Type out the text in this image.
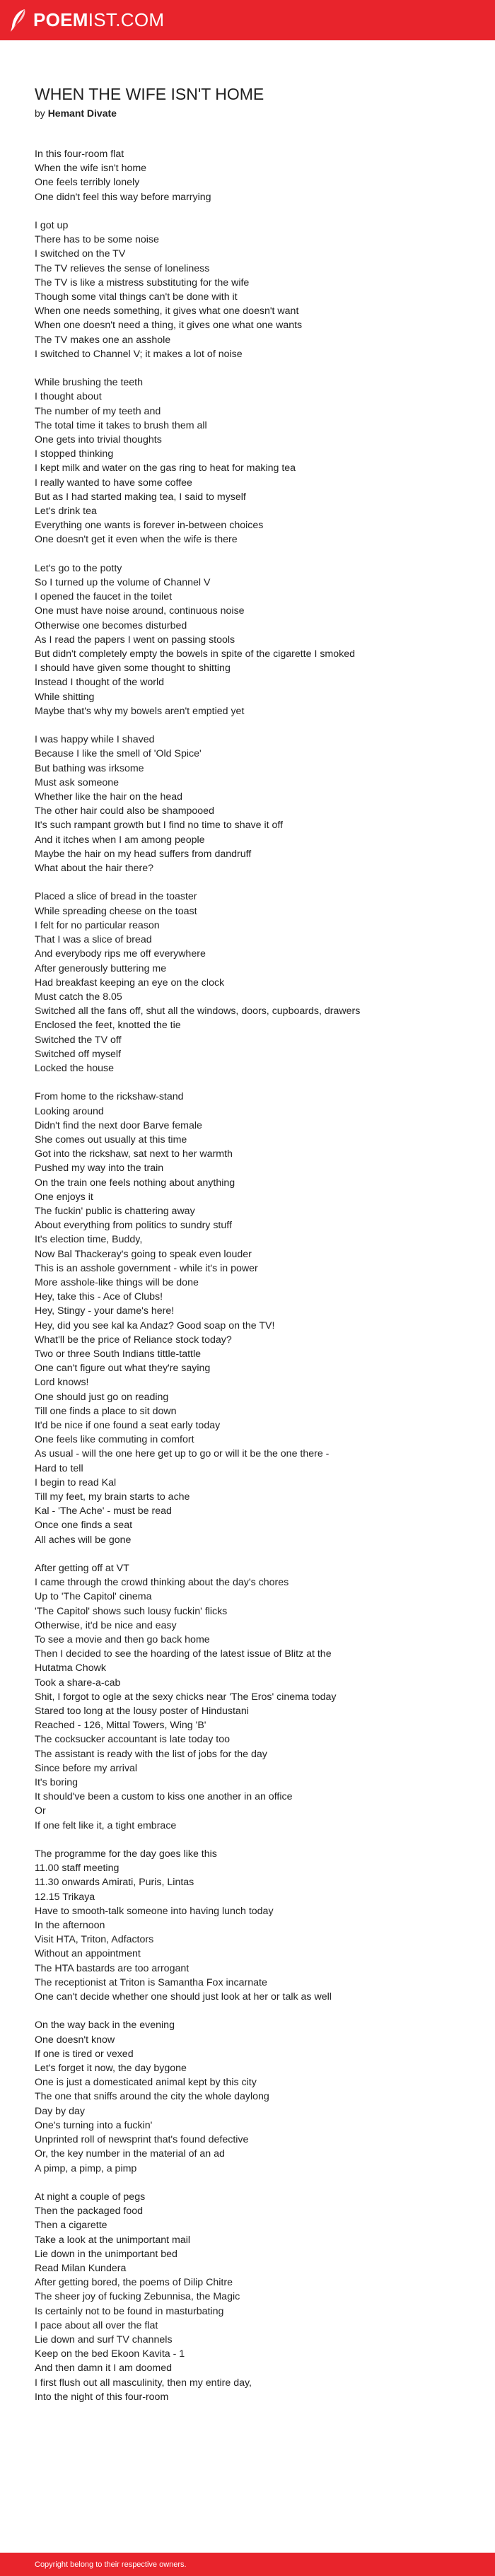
POEM IST.COM
WHEN THE WIFE ISN'T HOME
by Hemant Divate
In this four-room flat
When the wife isn't home
One feels terribly lonely
One didn't feel this way before marrying
I got up
There has to be some noise
I switched on the TV
The TV relieves the sense of loneliness
The TV is like a mistress substituting for the wife
Though some vital things can't be done with it
When one needs something, it gives what one doesn't want
When one doesn't need a thing, it gives one what one wants
The TV makes one an asshole
I switched to Channel V; it makes a lot of noise
While brushing the teeth
I thought about
The number of my teeth and
The total time it takes to brush them all
One gets into trivial thoughts
I stopped thinking
I kept milk and water on the gas ring to heat for making tea
I really wanted to have some coffee
But as I had started making tea, I said to myself
Let's drink tea
Everything one wants is forever in-between choices
One doesn't get it even when the wife is there
Let's go to the potty
So I turned up the volume of Channel V
I opened the faucet in the toilet
One must have noise around, continuous noise
Otherwise one becomes disturbed
As I read the papers I went on passing stools
But didn't completely empty the bowels in spite of the cigarette I smoked
I should have given some thought to shitting
Instead I thought of the world
While shitting
Maybe that's why my bowels aren't emptied yet
I was happy while I shaved
Because I like the smell of 'Old Spice'
But bathing was irksome
Must ask someone
Whether like the hair on the head
The other hair could also be shampooed
It's such rampant growth but I find no time to shave it off
And it itches when I am among people
Maybe the hair on my head suffers from dandruff
What about the hair there?
Placed a slice of bread in the toaster
While spreading cheese on the toast
I felt for no particular reason
That I was a slice of bread
And everybody rips me off everywhere
After generously buttering me
Had breakfast keeping an eye on the clock
Must catch the 8.05
Switched all the fans off, shut all the windows, doors, cupboards, drawers
Enclosed the feet, knotted the tie
Switched the TV off
Switched off myself
Locked the house
From home to the rickshaw-stand
Looking around
Didn't find the next door Barve female
She comes out usually at this time
Got into the rickshaw, sat next to her warmth
Pushed my way into the train
On the train one feels nothing about anything
One enjoys it
The fuckin' public is chattering away
About everything from politics to sundry stuff
It's election time, Buddy,
Now Bal Thackeray's going to speak even louder
This is an asshole government - while it's in power
More asshole-like things will be done
Hey, take this - Ace of Clubs!
Hey, Stingy - your dame's here!
Hey, did you see kal ka Andaz? Good soap on the TV!
What'll be the price of Reliance stock today?
Two or three South Indians tittle-tattle
One can't figure out what they're saying
Lord knows!
One should just go on reading
Till one finds a place to sit down
It'd be nice if one found a seat early today
One feels like commuting in comfort
As usual - will the one here get up to go or will it be the one there -
Hard to tell
I begin to read Kal
Till my feet, my brain starts to ache
Kal - 'The Ache' - must be read
Once one finds a seat
All aches will be gone
After getting off at VT
I came through the crowd thinking about the day's chores
Up to 'The Capitol' cinema
'The Capitol' shows such lousy fuckin' flicks
Otherwise, it'd be nice and easy
To see a movie and then go back home
Then I decided to see the hoarding of the latest issue of Blitz at the
Hutatma Chowk
Took a share-a-cab
Shit, I forgot to ogle at the sexy chicks near 'The Eros' cinema today
Stared too long at the lousy poster of Hindustani
Reached - 126, Mittal Towers, Wing 'B'
The cocksucker accountant is late today too
The assistant is ready with the list of jobs for the day
Since before my arrival
It's boring
It should've been a custom to kiss one another in an office
Or
If one felt like it, a tight embrace
The programme for the day goes like this
11.00 staff meeting
11.30 onwards Amirati, Puris, Lintas
12.15 Trikaya
Have to smooth-talk someone into having lunch today
In the afternoon
Visit HTA, Triton, Adfactors
Without an appointment
The HTA bastards are too arrogant
The receptionist at Triton is Samantha Fox incarnate
One can't decide whether one should just look at her or talk as well
On the way back in the evening
One doesn't know
If one is tired or vexed
Let's forget it now, the day bygone
One is just a domesticated animal kept by this city
The one that sniffs around the city the whole daylong
Day by day
One's turning into a fuckin'
Unprinted roll of newsprint that's found defective
Or, the key number in the material of an ad
A pimp, a pimp, a pimp
At night a couple of pegs
Then the packaged food
Then a cigarette
Take a look at the unimportant mail
Lie down in the unimportant bed
Read Milan Kundera
After getting bored, the poems of Dilip Chitre
The sheer joy of fucking Zebunnisa, the Magic
Is certainly not to be found in masturbating
I pace about all over the flat
Lie down and surf TV channels
Keep on the bed Ekoon Kavita - 1
And then damn it I am doomed
I first flush out all masculinity, then my entire day,
Into the night of this four-room
Copyright belong to their respective owners.
